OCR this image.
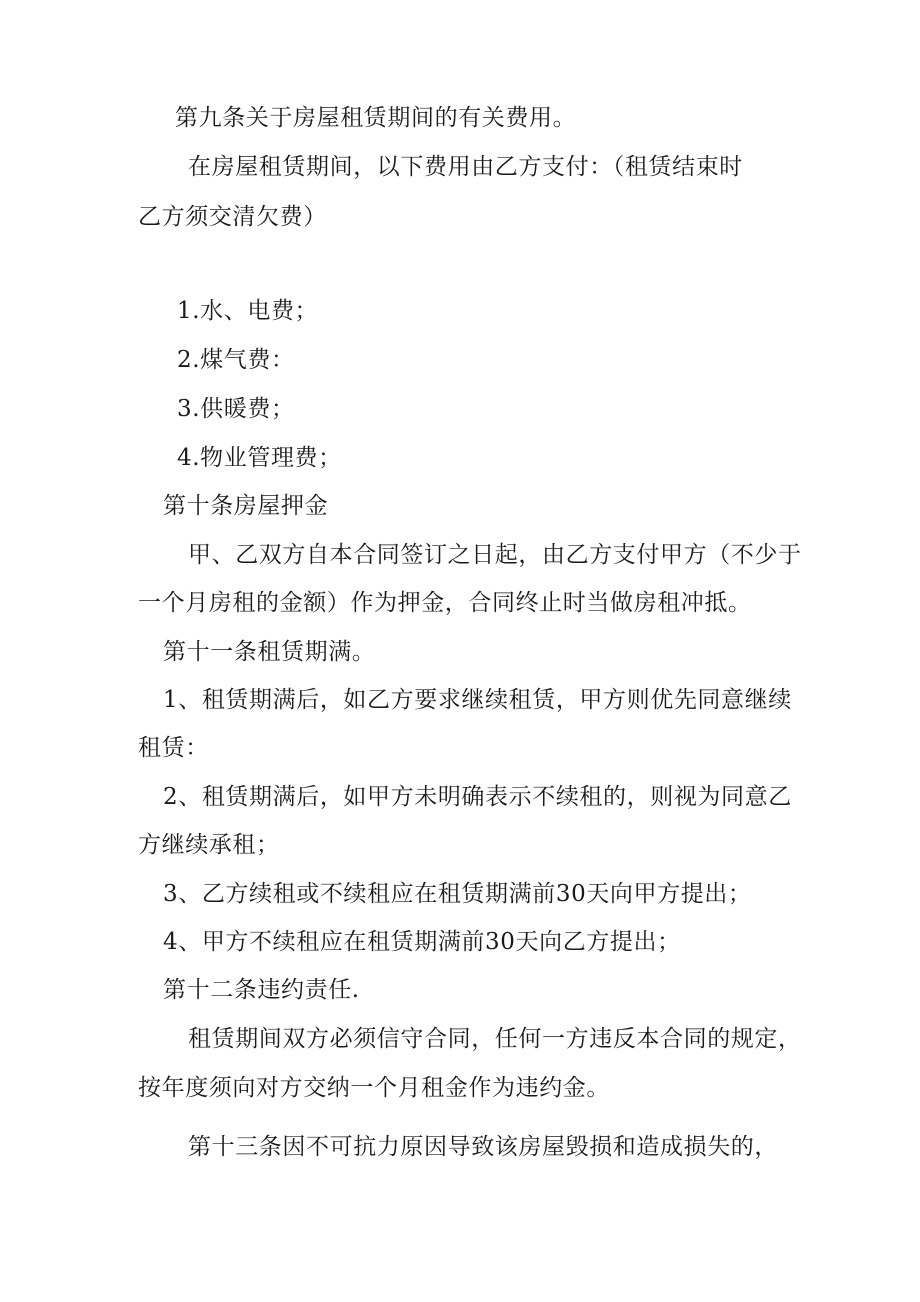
第九条关于房屋租赁期间的有关费用。
在房屋租赁期间，以下费用由乙方支付：（租赁结束时
乙方须交清欠费）
1.水、电费；
2.煤气费：
3.供暖费；
4.物业管理费；
第十条房屋押金
甲、乙双方自本合同签订之日起，由乙方支付甲方（不少于
一个月房租的金额）作为押金，合同终止时当做房租冲抵。
第十一条租赁期满。
1、租赁期满后，如乙方要求继续租赁，甲方则优先同意继续
租赁：
2、租赁期满后，如甲方未明确表示不续租的，则视为同意乙
方继续承租；
3、乙方续租或不续租应在租赁期满前30天向甲方提出；
4、甲方不续租应在租赁期满前30天向乙方提出；
第十二条违约责任.
租赁期间双方必须信守合同，任何一方违反本合同的规定，
按年度须向对方交纳一个月租金作为违约金。
第十三条因不可抗力原因导致该房屋毁损和造成损失的，
